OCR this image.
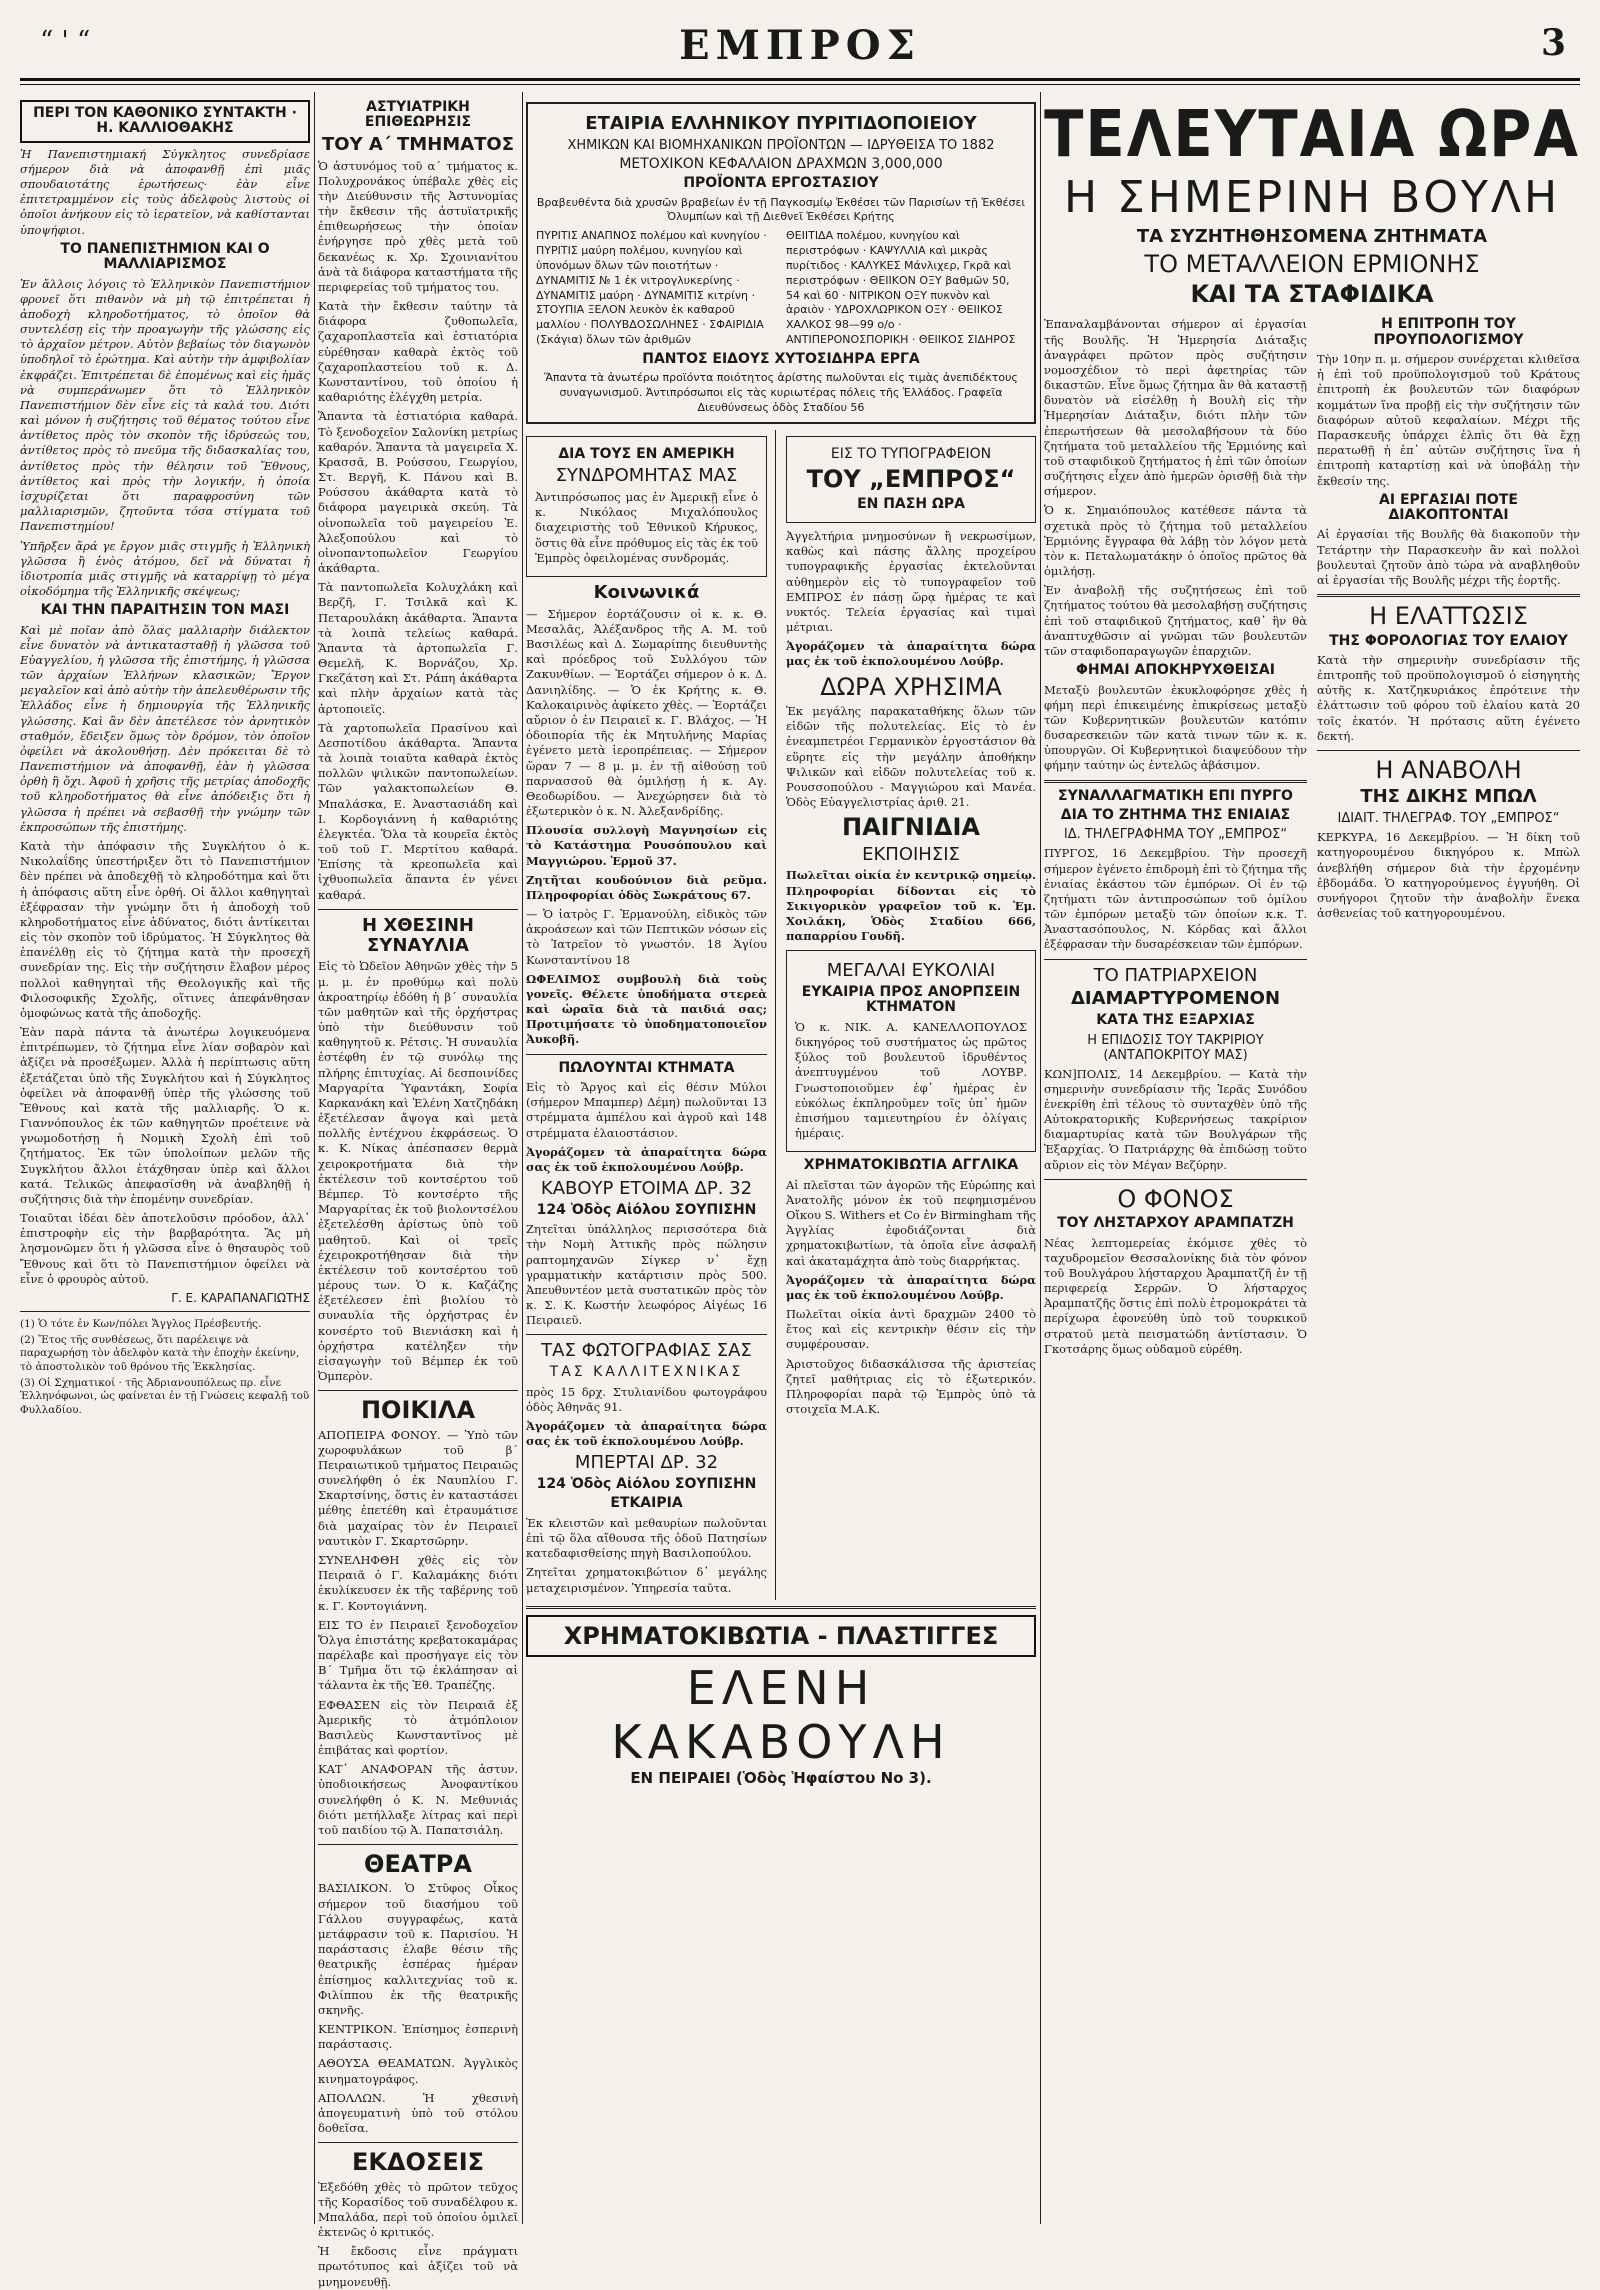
“ ' “	ΕΜΠΡΟΣ	3
ΠΕΡΙ ΤΟΝ ΚΑΘΟΝΙΚΟ ΣΥΝΤΑΚΤΗ · Η. ΚΑΛΛΙΟΘΑΚΗΣ

Ἡ Πανεπιστημιακή Σύγκλητος συνεδρίασε σήμερον διὰ νὰ ἀποφανθῇ ἐπὶ μιᾶς σπουδαιοτάτης ἐρωτήσεως· ἐὰν εἶνε ἐπιτετραμμένον εἰς τοὺς ἀδελφοὺς λιστοὺς οἱ ὁποῖοι ἀνήκουν εἰς τὸ ἱερατεῖον, νὰ καθίστανται ὑποψήφιοι.

ΤΟ ΠΑΝΕΠΙΣΤΗΜΙΟΝ ΚΑΙ Ο ΜΑΛΛΙΑΡΙΣΜΟΣ

Ἐν ἄλλοις λόγοις τὸ Ἑλληνικὸν Πανεπιστήμιον φρονεῖ ὅτι πιθανὸν νὰ μὴ τῷ ἐπιτρέπεται ἡ ἀποδοχὴ κληροδοτήματος, τὸ ὁποῖον θὰ συντελέσῃ εἰς τὴν προαγωγὴν τῆς γλώσσης εἰς τὸ ἀρχαῖον μέτρον. Αὐτὸν βεβαίως τὸν διαγωνὸν ὑποδηλοῖ τὸ ἐρώτημα. Καὶ αὐτὴν τὴν ἀμφιβολίαν ἐκφράζει. Ἐπιτρέπεται δὲ ἐπομένως καὶ εἰς ἡμᾶς νὰ συμπεράνωμεν ὅτι τὸ Ἑλληνικὸν Πανεπιστήμιον δὲν εἶνε εἰς τὰ καλά του. Διότι καὶ μόνον ἡ συζήτησις τοῦ θέματος τούτου εἶνε ἀντίθετος πρὸς τὸν σκοπὸν τῆς ἱδρύσεώς του, ἀντίθετος πρὸς τὸ πνεῦμα τῆς διδασκαλίας του, ἀντίθετος πρὸς τὴν θέλησιν τοῦ Ἔθνους, ἀντίθετος καὶ πρὸς τὴν λογικήν, ἡ ὁποία ἰσχυρίζεται ὅτι παραφροσύνη τῶν μαλλιαρισμῶν, ζητοῦντα τόσα στίγματα τοῦ Πανεπιστημίου!

Ὑπῆρξεν ἄρά γε ἔργον μιᾶς στιγμῆς ἡ Ἑλληνικὴ γλῶσσα ἢ ἑνὸς ἀτόμου, δεῖ νὰ δύναται ἡ ἱδιοτροπία μιᾶς στιγμῆς νὰ καταρρίψῃ τὸ μέγα οἰκοδόμημα τῆς Ἑλληνικῆς σκέψεως;

ΚΑΙ ΤΗΝ ΠΑΡΑΙΤΗΣΙΝ ΤΟΝ ΜΑΣΙ

Καὶ μὲ ποῖαν ἀπὸ ὅλας μαλλιαρὴν διάλεκτον εἶνε δυνατὸν νὰ ἀντικατασταθῇ ἡ γλῶσσα τοῦ Εὐαγγελίου, ἡ γλῶσσα τῆς ἐπιστήμης, ἡ γλῶσσα τῶν ἀρχαίων Ἑλλήνων κλασικῶν; Ἔργον μεγαλεῖον καὶ ἀπὸ αὐτὴν τὴν ἀπελευθέρωσιν τῆς Ἑλλάδος εἶνε ἡ δημιουργία τῆς Ἑλληνικῆς γλώσσης. Καὶ ἂν δὲν ἀπετέλεσε τὸν ἀρνητικὸν σταθμόν, ἔδειξεν ὅμως τὸν δρόμον, τὸν ὁποῖον ὀφείλει νὰ ἀκολουθήσῃ. Δὲν πρόκειται δὲ τὸ Πανεπιστήμιον νὰ ἀποφανθῇ, ἐὰν ἡ γλῶσσα ὀρθὴ ἢ ὄχι. Ἀφοῦ ἡ χρῆσις τῆς μετρίας ἀποδοχῆς τοῦ κληροδοτήματος θὰ εἶνε ἀπόδειξις ὅτι ἡ γλῶσσα ἡ πρέπει νὰ σεβασθῇ τὴν γνώμην τῶν ἐκπροσώπων τῆς ἐπιστήμης.

Κατὰ τὴν ἀπόφασιν τῆς Συγκλήτου ὁ κ. Νικολαΐδης ὑπεστήριξεν ὅτι τὸ Πανεπιστήμιον δὲν πρέπει νὰ ἀποδεχθῇ τὸ κληροδότημα καὶ ὅτι ἡ ἀπόφασις αὕτη εἶνε ὀρθή. Οἱ ἄλλοι καθηγηταὶ ἐξέφρασαν τὴν γνώμην ὅτι ἡ ἀποδοχὴ τοῦ κληροδοτήματος εἶνε ἀδύνατος, διότι ἀντίκειται εἰς τὸν σκοπὸν τοῦ ἱδρύματος. Ἡ Σύγκλητος θὰ ἐπανέλθῃ εἰς τὸ ζήτημα κατὰ τὴν προσεχῆ συνεδρίαν της. Εἰς τὴν συζήτησιν ἔλαβον μέρος πολλοὶ καθηγηταὶ τῆς Θεολογικῆς καὶ τῆς Φιλοσοφικῆς Σχολῆς, οἵτινες ἀπεφάνθησαν ὁμοφώνως κατὰ τῆς ἀποδοχῆς.

Ἐὰν παρὰ πάντα τὰ ἀνωτέρω λογικευόμενα ἐπιτρέπωμεν, τὸ ζήτημα εἶνε λίαν σοβαρὸν καὶ ἀξίζει νὰ προσέξωμεν. Ἀλλὰ ἡ περίπτωσις αὕτη ἐξετάζεται ὑπὸ τῆς Συγκλήτου καὶ ἡ Σύγκλητος ὀφείλει νὰ ἀποφανθῇ ὑπὲρ τῆς γλώσσης τοῦ Ἔθνους καὶ κατὰ τῆς μαλλιαρῆς. Ὁ κ. Γιαννόπουλος ἐκ τῶν καθηγητῶν προέτεινε νὰ γνωμοδοτήσῃ ἡ Νομικὴ Σχολὴ ἐπὶ τοῦ ζητήματος. Ἐκ τῶν ὑπολοίπων μελῶν τῆς Συγκλήτου ἄλλοι ἐτάχθησαν ὑπὲρ καὶ ἄλλοι κατά. Τελικῶς ἀπεφασίσθη νὰ ἀναβληθῇ ἡ συζήτησις διὰ τὴν ἑπομένην συνεδρίαν.

Τοιαῦται ἰδέαι δὲν ἀποτελοῦσιν πρόοδον, ἀλλ᾿ ἐπιστροφὴν εἰς τὴν βαρβαρότητα. Ἂς μὴ λησμονῶμεν ὅτι ἡ γλῶσσα εἶνε ὁ θησαυρὸς τοῦ Ἔθνους καὶ ὅτι τὸ Πανεπιστήμιον ὀφείλει νὰ εἶνε ὁ φρουρὸς αὐτοῦ.

Γ. Ε. ΚΑΡΑΠΑΝΑΓΙΩΤΗΣ

(1) Ὁ τότε ἐν Κων/πόλει Ἄγγλος Πρέσβευτής.

(2) Ἔτος τῆς συνθέσεως, ὅτι παρέλειψε νὰ παραχωρήσῃ τὸν ἀδελφὸν κατὰ τὴν ἐποχὴν ἐκείνην, τὸ ἀποστολικὸν τοῦ θρόνου τῆς Ἐκκλησίας.

(3) Οἱ Σχηματικοί · τῆς Ἀδριανουπόλεως πρ. εἶνε Ἑλληνόφωνοι, ὡς φαίνεται ἐν τῇ Γνώσεις κεφαλῇ τοῦ Φυλλαδίου.

ΑΣΤΥΙΑΤΡΙΚΗ ΕΠΙΘΕΩΡΗΣΙΣ
ΤΟΥ Α΄ ΤΜΗΜΑΤΟΣ

Ὁ ἀστυνόμος τοῦ α΄ τμήματος κ. Πολυχρονάκος ὑπέβαλε χθὲς εἰς τὴν Διεύθυνσιν τῆς Ἀστυνομίας τὴν ἔκθεσιν τῆς ἀστυϊατρικῆς ἐπιθεωρήσεως τὴν ὁποίαν ἐνήργησε πρὸ χθὲς μετὰ τοῦ δεκανέως κ. Χρ. Σχοινιανίτου ἀνὰ τὰ διάφορα καταστήματα τῆς περιφερείας τοῦ τμήματος του.

Κατὰ τὴν ἔκθεσιν ταύτην τὰ διάφορα ζυθοπωλεῖα, ζαχαροπλαστεῖα καὶ ἑστιατόρια εὑρέθησαν καθαρὰ ἐκτὸς τοῦ ζαχαροπλαστείου τοῦ κ. Δ. Κωνσταντίνου, τοῦ ὁποίου ἡ καθαριότης ἐλέγχθη μετρία.

Ἅπαντα τὰ ἑστιατόρια καθαρά. Τὸ ξενοδοχεῖον Σαλονίκη μετρίως καθαρόν. Ἅπαντα τὰ μαγειρεῖα Χ. Κρασσᾶ, Β. Ρούσσου, Γεωργίου, Στ. Βεργῆ, Κ. Πάνου καὶ Β. Ρούσσου ἀκάθαρτα κατὰ τὸ διάφορα μαγειρικὰ σκεύη. Τὰ οἰνοπωλεῖα τοῦ μαγειρείου Ἐ. Ἀλεξοπούλου καὶ τὸ οἰνοπαντοπωλεῖον Γεωργίου ἀκάθαρτα.

Τὰ παντοπωλεῖα Κολυχλάκη καὶ Βερζῆ, Γ. Τσιλκᾶ καὶ Κ. Πεταρουλάκη ἀκάθαρτα. Ἅπαντα τὰ λοιπὰ τελείως καθαρά. Ἅπαντα τὰ ἀρτοπωλεῖα Γ. Θεμελῆ, Κ. Βορνάζου, Χρ. Γκεζάτση καὶ Στ. Ράπη ἀκάθαρτα καὶ πλὴν ἀρχαίων κατὰ τὰς ἀρτοποιεῖς.

Τὰ χαρτοπωλεῖα Πρασίνου καὶ Δεσποτίδου ἀκάθαρτα. Ἅπαντα τὰ λοιπὰ τοιαῦτα καθαρὰ ἐκτὸς πολλῶν ψιλικῶν παντοπωλείων. Τῶν γαλακτοπωλείων Θ. Μπαλάσκα, Ε. Ἀναστασιάδη καὶ Ι. Κορδογιάννη ἡ καθαριότης ἐλεγκτέα. Ὅλα τὰ κουρεῖα ἐκτὸς τοῦ τοῦ Γ. Μερτίτου καθαρά. Ἐπίσης τὰ κρεοπωλεῖα καὶ ἰχθυοπωλεῖα ἅπαντα ἐν γένει καθαρά.

Η ΧΘΕΣΙΝΗ ΣΥΝΑΥΛΙΑ

Εἰς τὸ Ὠδεῖον Ἀθηνῶν χθὲς τὴν 5 μ. μ. ἐν προθύμῳ καὶ πολὺ ἀκροατηρίῳ ἐδόθη ἡ β΄ συναυλία τῶν μαθητῶν καὶ τῆς ὀρχήστρας ὑπὸ τὴν διεύθυνσιν τοῦ καθηγητοῦ κ. Ρέτσις. Ἡ συναυλία ἐστέφθη ἐν τῷ συνόλῳ της πλήρης ἐπιτυχίας. Αἱ δεσποινίδες Μαργαρίτα Ὑφαντάκη, Σοφία Καρκανάκη καὶ Ἑλένη Χατζηδάκη ἐξετέλεσαν ἄψογα καὶ μετὰ πολλῆς ἐντέχνου ἐκφράσεως. Ὁ κ. Κ. Νίκας ἀπέσπασεν θερμὰ χειροκροτήματα διὰ τὴν ἐκτέλεσιν τοῦ κοντσέρτου τοῦ Βέμπερ. Τὸ κοντσέρτο τῆς Μαργαρίτας ἐκ τοῦ βιολοντσέλου ἐξετελέσθη ἀρίστως ὑπὸ τοῦ μαθητοῦ. Καὶ οἱ τρεῖς ἐχειροκροτήθησαν διὰ τὴν ἐκτέλεσιν τοῦ κοντσέρτου τοῦ μέρους των. Ὁ κ. Καζάζης ἐξετέλεσεν ἐπὶ βιολίου τὸ συναυλία τῆς ὀρχήστρας ἐν κονσέρτο τοῦ Βιενιάσκη καὶ ἡ ὀρχήστρα κατέληξεν τὴν εἰσαγωγὴν τοῦ Βέμπερ ἐκ τοῦ Ὀμπερὸν.

ΠΟΙΚΙΛΑ

ΑΠΟΠΕΙΡΑ ΦΟΝΟΥ. — Ὑπὸ τῶν χωροφυλάκων τοῦ β΄ Πειραιωτικοῦ τμήματος Πειραιῶς συνελήφθη ὁ ἐκ Ναυπλίου Γ. Σκαρτσίνης, ὅστις ἐν καταστάσει μέθης ἐπετέθη καὶ ἐτραυμάτισε διὰ μαχαίρας τὸν ἐν Πειραιεῖ ναυτικὸν Γ. Σκαρτσῶρην.

ΣΥΝΕΛΗΦΘΗ χθὲς εἰς τὸν Πειραιᾶ ὁ Γ. Καλαμάκης διότι ἐκυλίκευσεν ἐκ τῆς ταβέρνης τοῦ κ. Γ. Κοντογιάννη.

ΕΙΣ ΤΟ ἐν Πειραιεῖ ξενοδοχεῖον Ὄλγα ἐπιστάτης κρεβατοκαμάρας παρέλαβε καὶ προσήγαγε εἰς τὸν Β΄ Τμῆμα ὅτι τῷ ἐκλάπησαν αἱ τάλαντα ἐκ τῆς Ἐθ. Τραπέζης.

ΕΦΘΑΣΕΝ εἰς τὸν Πειραιᾶ ἐξ Ἀμερικῆς τὸ ἀτμόπλοιον Βασιλεὺς Κωνσταντῖνος μὲ ἐπιβάτας καὶ φορτίον.

ΚΑΤ᾿ ΑΝΑΦΟΡΑΝ τῆς ἀστυν. ὑποδιοικήσεως Ἀνοφαντίκου συνελήφθη ὁ Κ. Ν. Μεθυνιάς διότι μετήλλαξε λίτρας καὶ περὶ τοῦ παιδίου τῷ Ἀ. Παπατσιάλη.

ΘΕΑΤΡΑ

ΒΑΣΙΛΙΚΟΝ. Ὁ Στῦφος Οἶκος σήμερον τοῦ διασήμου τοῦ Γάλλου συγγραφέως, κατὰ μετάφρασιν τοῦ κ. Παρισίου. Ἡ παράστασις ἐλαβε θέσιν τῆς θεατρικῆς ἑσπέρας ἡμέραν ἐπίσημος καλλιτεχνίας τοῦ κ. Φιλίππου ἐκ τῆς θεατρικῆς σκηνῆς.

ΚΕΝΤΡΙΚΟΝ. Ἐπίσημος ἑσπερινὴ παράστασις.

ΑΘΟΥΣΑ ΘΕΑΜΑΤΩΝ. Ἀγγλικὸς κινηματογράφος.

ΑΠΟΛΛΩΝ. Ἡ χθεσινὴ ἀπογευματινὴ ὑπὸ τοῦ στόλου δοθεῖσα.

ΕΚΔΟΣΕΙΣ

Ἐξεδόθη χθὲς τὸ πρῶτον τεῦχος τῆς Κορασίδος τοῦ συναδέλφου κ. Μπαλάδα, περὶ τοῦ ὁποίου ὁμιλεῖ ἐκτενῶς ὁ κριτικός.

Ἡ ἔκδοσις εἶνε πράγματι πρωτότυπος καὶ ἀξίζει τοῦ νὰ μνημονευθῇ.

ΕΤΑΙΡΙΑ ΕΛΛΗΝΙΚΟΥ ΠΥΡΙΤΙΔΟΠΟΙΕΙΟΥ
ΧΗΜΙΚΩΝ ΚΑΙ ΒΙΟΜΗΧΑΝΙΚΩΝ ΠΡΟΪΟΝΤΩΝ — ΙΔΡΥΘΕΙΣΑ ΤΟ 1882
ΜΕΤΟΧΙΚΟΝ ΚΕΦΑΛΑΙΟΝ ΔΡΑΧΜΩΝ 3,000,000
ΠΡΟΪΟΝΤΑ ΕΡΓΟΣΤΑΣΙΟΥ
Βραβευθέντα διὰ χρυσῶν βραβείων ἐν τῇ Παγκοσμίῳ Ἐκθέσει τῶν Παρισίων τῇ Ἐκθέσει Ὀλυμπίων καὶ τῇ Διεθνεῖ Ἐκθέσει Κρήτης
ΠΥΡΙΤΙΣ ΑΝΑΠΝΟΣ πολέμου καὶ κυνηγίου · ΠΥΡΙΤΙΣ μαύρη πολέμου, κυνηγίου καὶ ὑπονόμων ὅλων τῶν ποιοτήτων · ΔΥΝΑΜΙΤΙΣ № 1 ἐκ νιτρογλυκερίνης · ΔΥΝΑΜΙΤΙΣ μαύρη · ΔΥΝΑΜΙΤΙΣ κιτρίνη · ΣΤΟΥΠΙΑ ΞΕΛΟΝ λευκὸν ἐκ καθαροῦ μαλλίου · ΠΟΛΥΒΔΟΣΩΛΗΝΕΣ · ΣΦΑΙΡΙΔΙΑ (Σκάγια) ὅλων τῶν ἀριθμῶν
ΘΕΙΙΤΙΔΑ πολέμου, κυνηγίου καὶ περιστρόφων · ΚΑΨΥΛΛΙΑ καὶ μικρὰς πυρίτιδος · ΚΑΛΥΚΕΣ Μάνλιχερ, Γκρᾶ καὶ περιστρόφων · ΘΕΙΙΚΟΝ ΟΞΥ βαθμῶν 50, 54 καὶ 60 · ΝΙΤΡΙΚΟΝ ΟΞΥ πυκνὸν καὶ ἀραιὸν · ΥΔΡΟΧΛΩΡΙΚΟΝ ΟΞΥ · ΘΕΙΙΚΟΣ ΧΑΛΚΟΣ 98—99 ο/ο · ΑΝΤΙΠΕΡΟΝΟΣΠΟΡΙΚΗ · ΘΕΙΙΚΟΣ ΣΙΔΗΡΟΣ
ΠΑΝΤΟΣ ΕΙΔΟΥΣ ΧΥΤΟΣΙΔΗΡΑ ΕΡΓΑ
Ἅπαντα τὰ ἀνωτέρω προϊόντα ποιότητος ἀρίστης πωλοῦνται εἰς τιμὰς ἀνεπιδέκτους συναγωνισμοῦ. Ἀντιπρόσωποι εἰς τὰς κυριωτέρας πόλεις τῆς Ἑλλάδος. Γραφεῖα Διευθύνσεως ὁδὸς Σταδίου 56
ΔΙΑ ΤΟΥΣ ΕΝ ΑΜΕΡΙΚΗ
ΣΥΝΔΡΟΜΗΤΑΣ ΜΑΣ

Ἀντιπρόσωπος μας ἐν Ἀμερικῇ εἶνε ὁ κ. Νικόλαος Μιχαλόπουλος διαχειριστὴς τοῦ Ἑθνικοῦ Κήρυκος, ὅστις θὰ εἶνε πρόθυμος εἰς τὰς ἐκ τοῦ Ἐμπρὸς ὀφειλομένας συνδρομάς.

Κοινωνικά

— Σήμερον ἑορτάζουσιν οἱ κ. κ. Θ. Μεσαλᾶς, Ἀλέξανδρος τῆς Α. Μ. τοῦ Βασιλέως καὶ Δ. Σωμαρίπης διευθυντὴς καὶ πρόεδρος τοῦ Συλλόγου τῶν Ζακυνθίων. — Ἐορτάζει σήμερον ὁ κ. Δ. Δανιηλίδης. — Ὁ ἐκ Κρήτης κ. Θ. Καλοκαιρινὸς ἀφίκετο χθὲς. — Ἐορτάζει αὔριον ὁ ἐν Πειραιεῖ κ. Γ. Βλάχος. — Ἡ ὁδοιπορία τῆς ἐκ Μητυλήνης Μαρίας ἐγένετο μετὰ ἱεροπρέπειας. — Σήμερον ὥραν 7 — 8 μ. μ. ἐν τῇ αἰθούσῃ τοῦ παρνασσοῦ θὰ ὁμιλήσῃ ἡ κ. Αγ. Θεοδωρίδου. — Ἀνεχώρησεν διὰ τὸ ἐξωτερικὸν ὁ κ. Ν. Ἀλεξανδρίδης.

Πλουσία συλλογὴ Μαγνησίων εἰς τὸ Κατάστημα Ρουσόπουλου καὶ Μαγγιώρου. Ἑρμοῦ 37.

Ζητῆται κουδούνιον διὰ ρεῦμα. Πληροφορίαι ὁδὸς Σωκράτους 67.

— Ὁ ἰατρὸς Γ. Ἑρμανούλη, εἰδικὸς τῶν ἀκροάσεων καὶ τῶν Πεπτικῶν νόσων εἰς τὸ Ἰατρεῖον τὸ γνωστόν. 18 Ἁγίου Κωνσταντίνου 18

ΩΦΕΛΙΜΟΣ συμβουλὴ διὰ τοὺς γονεῖς. Θέλετε ὑποδήματα στερεὰ καὶ ὡραῖα διὰ τὰ παιδιά σας; Προτιμήσατε τὸ ὑποδηματοποιεῖον Ἀυκοβῆ.

ΠΩΛΟΥΝΤΑΙ ΚΤΗΜΑΤΑ

Εἰς τὸ Ἄργος καὶ εἰς θέσιν Μύλοι (σήμερον Μπαμπερ) Δέμη) πωλοῦνται 13 στρέμματα ἀμπέλου καὶ ἀγροῦ καὶ 148 στρέμματα ἐλαιοστάσιον.

Ἀγοράζομεν τὰ ἀπαραίτητα δώρα σας ἐκ τοῦ ἐκπολουμένου Λούβρ.

ΚΑΒΟΥΡ ΕΤΟΙΜΑ ΔΡ. 32
124 Ὁδὸς Αἰόλου ΣΟΥΠΙΣΗΝ

Ζητεῖται ὑπάλληλος περισσότερα διὰ τὴν Νομὴ Ἀττικῆς πρὸς πώλησιν ραπτομηχανῶν Σίγκερ ν᾿ ἔχῃ γραμματικὴν κατάρτισιν πρὸς 500. Ἀπευθυντέον μετὰ συστατικῶν πρὸς τὸν κ. Σ. Κ. Κωστήν λεωφόρος Αἰγέως 16 Πειραιεῦ.

ΤΑΣ ΦΩΤΟΓΡΑΦΙΑΣ ΣΑΣ
ΤΑΣ ΚΑΛΛΙΤΕΧΝΙΚΑΣ

πρὸς 15 δρχ. Στυλιανίδου φωτογράφου ὁδὸς Ἀθηνᾶς 91.

Ἀγοράζομεν τὰ ἀπαραίτητα δώρα σας ἐκ τοῦ ἐκπολουμένου Λούβρ.

ΜΠΕΡΤΑΙ ΔΡ. 32
124 Ὁδὸς Αἰόλου ΣΟΥΠΙΣΗΝ
ΕΤΚΑΙΡΙΑ

Ἐκ κλειστῶν καὶ μεθαυρίων πωλοῦνται ἐπὶ τῷ ὅλα αἴθουσα τῆς ὁδοῦ Πατησίων κατεδαφισθείσης πηγὴ Βασιλοπούλου.

Ζητεῖται χρηματοκιβώτιον δ᾿ μεγάλης μεταχειρισμένον. Ὑπηρεσία ταῦτα.

ΕΙΣ ΤΟ ΤΥΠΟΓΡΑΦΕΙΟΝ
ΤΟΥ „ΕΜΠΡΟΣ“
ΕΝ ΠΑΣΗ ΩΡΑ

Ἀγγελτήρια μνημοσύνων ἢ νεκρωσίμων, καθὼς καὶ πάσης ἄλλης προχείρου τυπογραφικῆς ἐργασίας ἐκτελοῦνται αὐθημερὸν εἰς τὸ τυπογραφεῖον τοῦ ΕΜΠΡΟΣ ἐν πάσῃ ὥρᾳ ἡμέρας τε καὶ νυκτός. Τελεία ἐργασίας καὶ τιμαὶ μέτριαι.

Ἀγοράζομεν τὰ ἀπαραίτητα δώρα μας ἐκ τοῦ ἐκπολουμένου Λούβρ.

ΔΩΡΑ ΧΡΗΣΙΜΑ

Ἐκ μεγάλης παρακαταθήκης ὅλων τῶν εἰδῶν τῆς πολυτελείας. Εἰς τὸ ἐν ἐνεαμπετρέοι Γερμανικὸν ἐργοστάσιον θὰ εὕρητε εἰς τὴν μεγάλην ἀποθήκην Ψιλικῶν καὶ εἰδῶν πολυτελείας τοῦ κ. Ρουσσοπούλου - Μαγγιώρου καὶ Μανέα. Ὁδὸς Εὐαγγελιστρίας ἀριθ. 21.

ΠΑΙΓΝΙΔΙΑ
ΕΚΠΟΙΗΣΙΣ

Πωλεῖται οἰκία ἐν κεντρικῷ σημείῳ. Πληροφορίαι δίδονται εἰς τὸ Σικιγορικὸν γραφεῖον τοῦ κ. Ἐμ. Χοιλάκη, Ὁδὸς Σταδίου 666, παπαρρίου Γουδῆ.

ΜΕΓΑΛΑΙ ΕΥΚΟΛΙΑΙ
ΕΥΚΑΙΡΙΑ ΠΡΟΣ ΑΝΟΡΠΣΕΙΝ ΚΤΗΜΑΤΟΝ

Ὁ κ. ΝΙΚ. Α. ΚΑΝΕΛΛΟΠΟΥΛΟΣ δικηγόρος τοῦ συστήματος ὡς πρῶτος ξύλος τοῦ βουλευτοῦ ἱδρυθέντος ἀνεπτυγμένου τοῦ ΛΟΥΒΡ. Γνωστοποιοῦμεν ἐφ᾿ ἡμέρας ἐν εὐκόλως ἐκπληροῦμεν τοῖς ὑπ᾿ ἡμῶν ἐπισήμου ταμιευτηρίου ἐν ὀλίγαις ἡμέραις.

ΧΡΗΜΑΤΟΚΙΒΩΤΙΑ ΑΓΓΛΙΚΑ

Αἱ πλεῖσται τῶν ἀγορῶν τῆς Εὐρώπης καὶ Ἀνατολῆς μόνον ἐκ τοῦ πεφημισμένου Οἴκου S. Withers et Co ἐν Birmingham τῆς Ἀγγλίας ἐφοδιάζονται διὰ χρηματοκιβωτίων, τὰ ὁποῖα εἶνε ἀσφαλῆ καὶ ἀκαταμάχητα ἀπὸ τοὺς διαρρήκτας.

Ἀγοράζομεν τὰ ἀπαραίτητα δώρα μας ἐκ τοῦ ἐκπολουμένου Λούβρ.

Πωλεῖται οἰκία ἀντὶ δραχμῶν 2400 τὸ ἔτος καὶ εἰς κεντρικὴν θέσιν εἰς τὴν συμφέρουσαν.

Ἀριστοῦχος διδασκάλισσα τῆς ἀριστείας ζητεῖ μαθήτριας εἰς τὸ ἐξωτερικόν. Πληροφορίαι παρὰ τῷ Ἐμπρὸς ὑπὸ τὰ στοιχεῖα Μ.Α.Κ.

ΧΡΗΜΑΤΟΚΙΒΩΤΙΑ - ΠΛΑΣΤΙΓΓΕΣ
ΕΛΕΝΗ ΚΑΚΑΒΟΥΛΗ
ΕΝ ΠΕΙΡΑΙΕΙ (Ὁδὸς Ἡφαίστου Νο 3).
ΤΕΛΕΥΤΑΙΑ ΩΡΑ
Η ΣΗΜΕΡΙΝΗ ΒΟΥΛΗ
ΤΑ ΣΥΖΗΤΗΘΗΣΟΜΕΝΑ ΖΗΤΗΜΑΤΑ
ΤΟ ΜΕΤΑΛΛΕΙΟΝ ΕΡΜΙΟΝΗΣ
ΚΑΙ ΤΑ ΣΤΑΦΙΔΙΚΑ

Ἐπαναλαμβάνονται σήμερον αἱ ἐργασίαι τῆς Βουλῆς. Ἡ Ἡμερησία Διάταξις ἀναγράφει πρῶτον πρὸς συζήτησιν νομοσχέδιον τὸ περὶ ἀφετηρίας τῶν δικαστῶν. Εἶνε ὅμως ζήτημα ἂν θὰ καταστῇ δυνατὸν νὰ εἰσέλθῃ ἡ Βουλὴ εἰς τὴν Ἡμερησίαν Διάταξιν, διότι πλὴν τῶν ἐπερωτήσεων θὰ μεσολαβήσουν τὰ δύο ζητήματα τοῦ μεταλλείου τῆς Ἑρμιόνης καὶ τοῦ σταφιδικοῦ ζητήματος ἡ ἐπὶ τῶν ὁποίων συζήτησις εἶχεν ἀπὸ ἡμερῶν ὁρισθῇ διὰ τὴν σήμερον.

Ὁ κ. Σημαιόπουλος κατέθεσε πάντα τὰ σχετικὰ πρὸς τὸ ζήτημα τοῦ μεταλλείου Ἑρμιόνης ἔγγραφα θὰ λάβῃ τὸν λόγον μετὰ τὸν κ. Πεταλωματάκην ὁ ὁποῖος πρῶτος θὰ ὁμιλήσῃ.

Ἐν ἀναβολῇ τῆς συζητήσεως ἐπὶ τοῦ ζητήματος τούτου θὰ μεσολαβήσῃ συζήτησις ἐπὶ τοῦ σταφιδικοῦ ζητήματος, καθ᾿ ἣν θὰ ἀναπτυχθῶσιν αἱ γνῶμαι τῶν βουλευτῶν τῶν σταφιδοπαραγωγῶν ἐπαρχιῶν.

ΦΗΜΑΙ ΑΠΟΚΗΡΥΧΘΕΙΣΑΙ

Μεταξὺ βουλευτῶν ἐκυκλοφόρησε χθὲς ἡ φήμη περὶ ἐπικειμένης ἐπικρίσεως μεταξὺ τῶν Κυβερνητικῶν βουλευτῶν κατόπιν δυσαρεσκειῶν τῶν κατὰ τινων τῶν κ. κ. ὑπουργῶν. Οἱ Κυβερνητικοὶ διαψεύδουν τὴν φήμην ταύτην ὡς ἐντελῶς ἀβάσιμον.

ΣΥΝΑΛΛΑΓΜΑΤΙΚΗ ΕΠΙ ΠΥΡΓΟ
ΔΙΑ ΤΟ ΖΗΤΗΜΑ ΤΗΣ ΕΝΙΑΙΑΣ
ΙΔ. ΤΗΛΕΓΡΑΦΗΜΑ ΤΟΥ „ΕΜΠΡΟΣ“

ΠΥΡΓΟΣ, 16 Δεκεμβρίου. Τὴν προσεχῆ σήμερον ἐγένετο ἐπιδρομὴ ἐπὶ τὸ ζήτημα τῆς ἐνιαίας ἑκάστου τῶν ἐμπόρων. Οἱ ἐν τῷ ζητήματι τῶν ἀντιπροσώπων τοῦ ὁμίλου τῶν ἐμπόρων μεταξὺ τῶν ὁποίων κ.κ. Τ. Ἀναστασόπουλος, Ν. Κόρδας καὶ ἄλλοι ἐξέφρασαν τὴν δυσαρέσκειαν τῶν ἐμπόρων.

ΤΟ ΠΑΤΡΙΑΡΧΕΙΟΝ
ΔΙΑΜΑΡΤΥΡΟΜΕΝΟΝ
ΚΑΤΑ ΤΗΣ ΕΞΑΡΧΙΑΣ
Η ΕΠΙΔΟΣΙΣ ΤΟΥ ΤΑΚΡΙΡΙΟΥ
(ΑΝΤΑΠΟΚΡΙΤΟΥ ΜΑΣ)

ΚΩΝ]ΠΟΛΙΣ, 14 Δεκεμβρίου. — Κατὰ τὴν σημερινὴν συνεδρίασιν τῆς Ἱερᾶς Συνόδου ἐνεκρίθη ἐπὶ τέλους τὸ συνταχθὲν ὑπὸ τῆς Αὐτοκρατορικῆς Κυβερνήσεως τακρίριον διαμαρτυρίας κατὰ τῶν Βουλγάρων τῆς Ἐξαρχίας. Ὁ Πατριάρχης θὰ ἐπιδώσῃ τοῦτο αὔριον εἰς τὸν Μέγαν Βεζύρην.

Ο ΦΟΝΟΣ
ΤΟΥ ΛΗΣΤΑΡΧΟΥ ΑΡΑΜΠΑΤΖΗ

Νέας λεπτομερείας ἐκόμισε χθὲς τὸ ταχυδρομεῖον Θεσσαλονίκης διὰ τὸν φόνον τοῦ Βουλγάρου λήσταρχου Ἀραμπατζῆ ἐν τῇ περιφερείᾳ Σερρῶν. Ὁ λήσταρχος Ἀραμπατζῆς ὅστις ἐπὶ πολὺ ἐτρομοκράτει τὰ περίχωρα ἐφονεύθη ὑπὸ τοῦ τουρκικοῦ στρατοῦ μετὰ πεισματώδη ἀντίστασιν. Ὁ Γκοτσάρης ὅμως οὐδαμοῦ εὑρέθη.

Η ΕΠΙΤΡΟΠΗ ΤΟΥ ΠΡΟΥΠΟΛΟΓΙΣΜΟΥ

Τὴν 10ην π. μ. σήμερον συνέρχεται κλιθεῖσα ἡ ἐπὶ τοῦ προϋπολογισμοῦ τοῦ Κράτους ἐπιτροπὴ ἐκ βουλευτῶν τῶν διαφόρων κομμάτων ἵνα προβῇ εἰς τὴν συζήτησιν τῶν διαφόρων αὐτοῦ κεφαλαίων. Μέχρι τῆς Παρασκευῆς ὑπάρχει ἐλπὶς ὅτι θὰ ἔχῃ περατωθῇ ἡ ἐπ᾿ αὐτῶν συζήτησις ἵνα ἡ ἐπιτροπὴ καταρτίσῃ καὶ νὰ ὑποβάλῃ τὴν ἔκθεσίν της.

ΑΙ ΕΡΓΑΣΙΑΙ ΠΟΤΕ ΔΙΑΚΟΠΤΟΝΤΑΙ

Αἱ ἐργασίαι τῆς Βουλῆς θὰ διακοποῦν τὴν Τετάρτην τὴν Παρασκευὴν ἂν καὶ πολλοὶ βουλευταὶ ζητοῦν ἀπὸ τώρα νὰ αναβληθοῦν αἱ ἐργασίαι τῆς Βουλῆς μέχρι τῆς ἐορτῆς.

Η ΕΛΑΤΤΩΣΙΣ
ΤΗΣ ΦΟΡΟΛΟΓΙΑΣ ΤΟΥ ΕΛΑΙΟΥ

Κατὰ τὴν σημερινὴν συνεδρίασιν τῆς ἐπιτροπῆς τοῦ προϋπολογισμοῦ ὁ εἰσηγητὴς αὐτῆς κ. Χατζηκυριάκος ἐπρότεινε τὴν ἐλάττωσιν τοῦ φόρου τοῦ ἐλαίου κατὰ 20 τοῖς ἑκατόν. Ἡ πρότασις αὕτη ἐγένετο δεκτή.

Η ΑΝΑΒΟΛΗ
ΤΗΣ ΔΙΚΗΣ ΜΠΩΛ
ΙΔΙΑΙΤ. ΤΗΛΕΓΡΑΦ. ΤΟΥ „ΕΜΠΡΟΣ“

ΚΕΡΚΥΡΑ, 16 Δεκεμβρίου. — Ἡ δίκη τοῦ κατηγορουμένου δικηγόρου κ. Μπὼλ ἀνεβλήθη σήμερον διὰ τὴν ἐρχομένην ἑβδομάδα. Ὁ κατηγορούμενος ἐγγυήθη. Οἱ συνήγοροι ζητοῦν τὴν ἀναβολὴν ἕνεκα ἀσθενείας τοῦ κατηγορουμένου.
